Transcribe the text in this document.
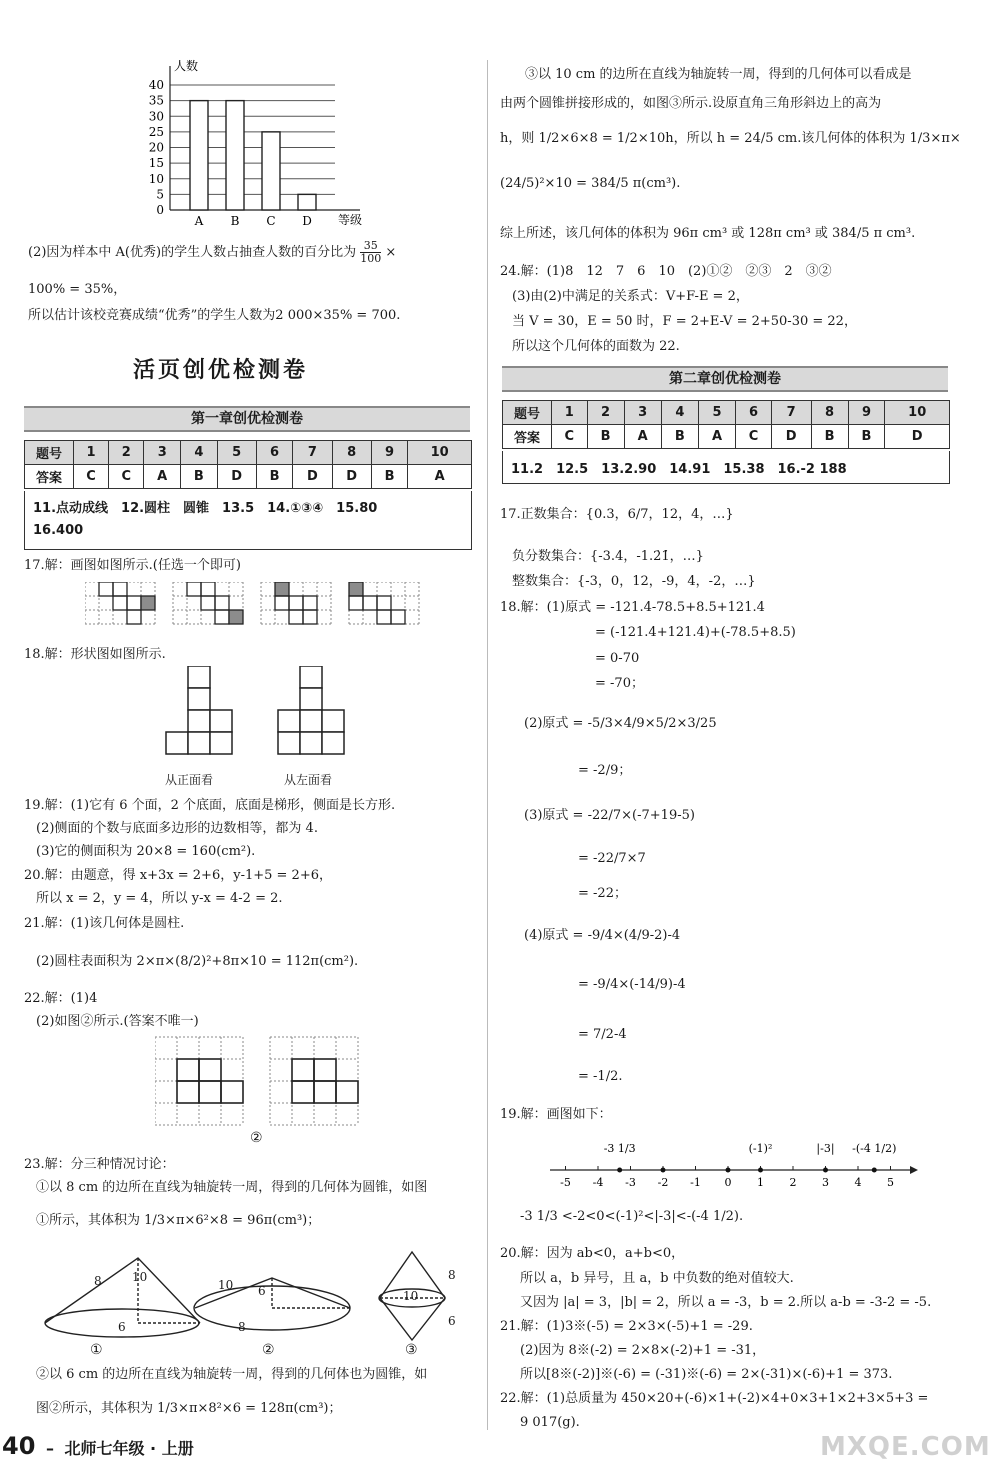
0
5
10
15
20
25
30
35
40
人数
等级
A B C D
(2)因为样本中 A(优秀)的学生人数占抽查人数的百分比为 $\frac{35}{100}$ ×
100% = 35%，
所以估计该校竞赛成绩“优秀”的学生人数为2 000×35% = 700.
活页创优检测卷
第一章创优检测卷
题号	1	2	3	4	5	6	7	8	9	10
答案	C	C	A	B	D	B	D	D	B	A
11.点动成线　12.圆柱　圆锥　13.5　14.①③④　15.80
16.400
17.解：画图如图所示.(任选一个即可)
18.解：形状图如图所示.
从正面看	从左面看
19.解：(1)它有 6 个面，2 个底面，底面是梯形，侧面是长方形.
(2)侧面的个数与底面多边形的边数相等，都为 4.
(3)它的侧面积为 20×8 = 160(cm²).
20.解：由题意，得 x+3x = 2+6，y-1+5 = 2+6，
所以 x = 2，y = 4，所以 y-x = 4-2 = 2.
21.解：(1)该几何体是圆柱.
(2)圆柱表面积为 2×π×(8/2)²+8π×10 = 112π(cm²).
22.解：(1)4
(2)如图②所示.(答案不唯一)
②
23.解：分三种情况讨论：
①以 8 cm 的边所在直线为轴旋转一周，得到的几何体为圆锥，如图
①所示，其体积为 1/3×π×6²×8 = 96π(cm³)；
8	10
6
10 6
8
8
10
6
①	②	③
②以 6 cm 的边所在直线为轴旋转一周，得到的几何体也为圆锥，如
图②所示，其体积为 1/3×π×8²×6 = 128π(cm³)；
40 – 北师七年级 · 上册
③以 10 cm 的边所在直线为轴旋转一周，得到的几何体可以看成是
由两个圆锥拼接形成的，如图③所示.设原直角三角形斜边上的高为
h，则 1/2×6×8 = 1/2×10h，所以 h = 24/5 cm.该几何体的体积为 1/3×π×
(24/5)²×10 = 384/5 π(cm³).
综上所述，该几何体的体积为 96π cm³ 或 128π cm³ 或 384/5 π cm³.
24.解：(1)8　12　7　6　10　(2)①②　②③　2　③②
(3)由(2)中满足的关系式：V+F-E = 2，
当 V = 30，E = 50 时，F = 2+E-V = 2+50-30 = 22，
所以这个几何体的面数为 22.
第二章创优检测卷
题号	1	2	3	4	5	6	7	8	9	10
答案	C	B	A	B	A	C	D	B	B	D
11.2　12.5　13.2.90　14.91　15.38　16.-2 188
17.正数集合：{0.3，6/7，12，4，…}
负分数集合：{-3.4，-1.2̇1̇，…}
整数集合：{-3，0，12，-9，4，-2，…}
18.解：(1)原式 = -121.4-78.5+8.5+121.4
= (-121.4+121.4)+(-78.5+8.5)
= 0-70
= -70；
(2)原式 = -5/3×4/9×5/2×3/25
= -2/9；
(3)原式 = -22/7×(-7+19-5)
= -22/7×7
= -22；
(4)原式 = -9/4×(4/9-2)-4
= -9/4×(-14/9)-4
= 7/2-4
= -1/2.
19.解：画图如下：
-5 -4 -3 -2 -1 0 1 2 3 4 5
-3 1/3	(-1)²	|-3| -(-4 1/2)
-3 1/3 <-2<0<(-1)²<|-3|<-(-4 1/2).
20.解：因为 ab<0，a+b<0，
所以 a，b 异号，且 a，b 中负数的绝对值较大.
又因为 |a| = 3，|b| = 2，所以 a = -3，b = 2.所以 a-b = -3-2 = -5.
21.解：(1)3※(-5) = 2×3×(-5)+1 = -29.
(2)因为 8※(-2) = 2×8×(-2)+1 = -31，
所以[8※(-2)]※(-6) = (-31)※(-6) = 2×(-31)×(-6)+1 = 373.
22.解：(1)总质量为 450×20+(-6)×1+(-2)×4+0×3+1×2+3×5+3 =
9 017(g).
MXQE.COM
